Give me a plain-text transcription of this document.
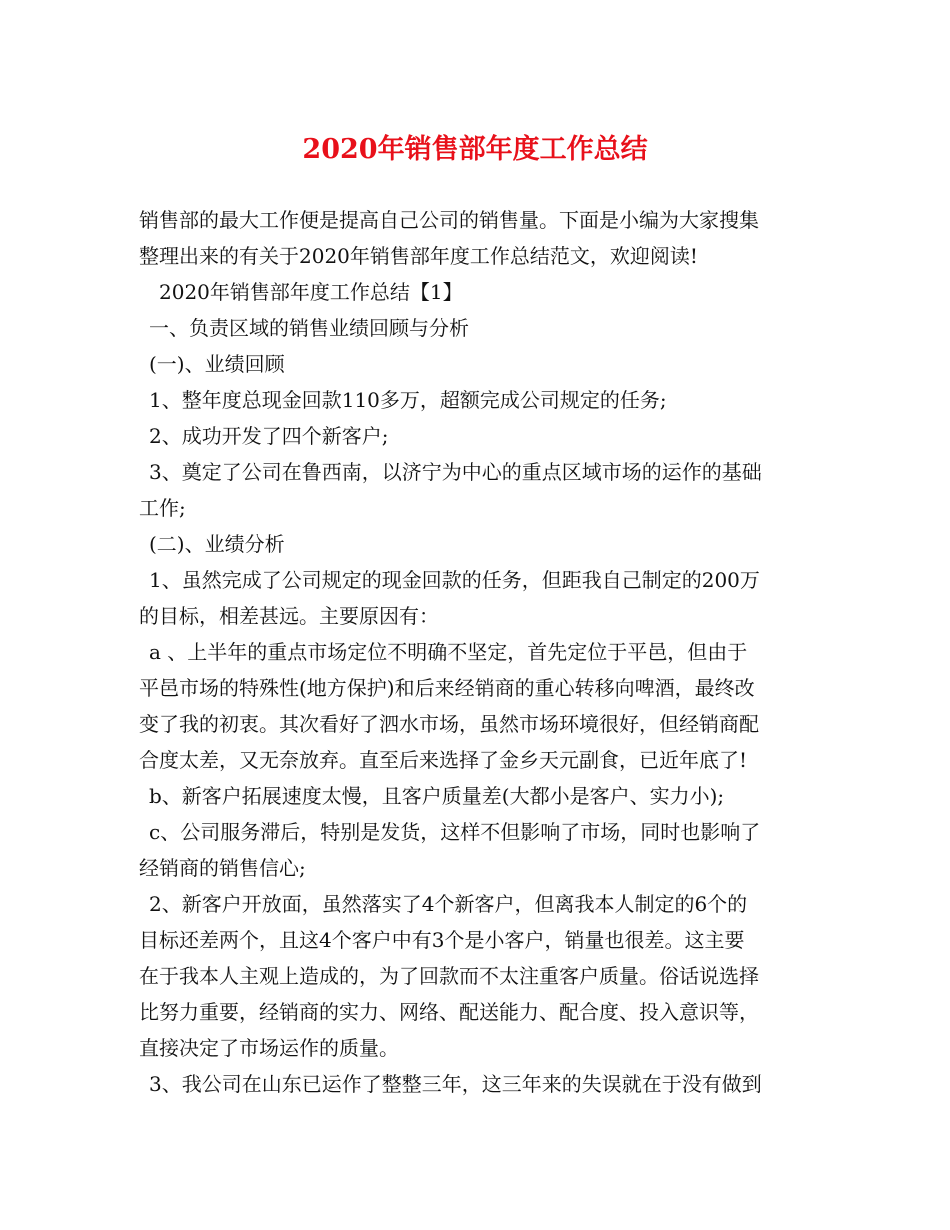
2020年销售部年度工作总结
销售部的最大工作便是提高自己公司的销售量。下面是小编为大家搜集
整理出来的有关于2020年销售部年度工作总结范文，欢迎阅读!
2020年销售部年度工作总结【1】
一、负责区域的销售业绩回顾与分析
(一)、业绩回顾
1、整年度总现金回款110多万，超额完成公司规定的任务;
2、成功开发了四个新客户;
3、奠定了公司在鲁西南，以济宁为中心的重点区域市场的运作的基础
工作;
(二)、业绩分析
1、虽然完成了公司规定的现金回款的任务，但距我自己制定的200万
的目标，相差甚远。主要原因有：
a 、上半年的重点市场定位不明确不坚定，首先定位于平邑，但由于
平邑市场的特殊性(地方保护)和后来经销商的重心转移向啤酒，最终改
变了我的初衷。其次看好了泗水市场，虽然市场环境很好，但经销商配
合度太差，又无奈放弃。直至后来选择了金乡天元副食，已近年底了!
b、新客户拓展速度太慢，且客户质量差(大都小是客户、实力小);
c、公司服务滞后，特别是发货，这样不但影响了市场，同时也影响了
经销商的销售信心;
2、新客户开放面，虽然落实了4个新客户，但离我本人制定的6个的
目标还差两个，且这4个客户中有3个是小客户，销量也很差。这主要
在于我本人主观上造成的，为了回款而不太注重客户质量。俗话说选择
比努力重要，经销商的实力、网络、配送能力、配合度、投入意识等，
直接决定了市场运作的质量。
3、我公司在山东已运作了整整三年，这三年来的失误就在于没有做到
